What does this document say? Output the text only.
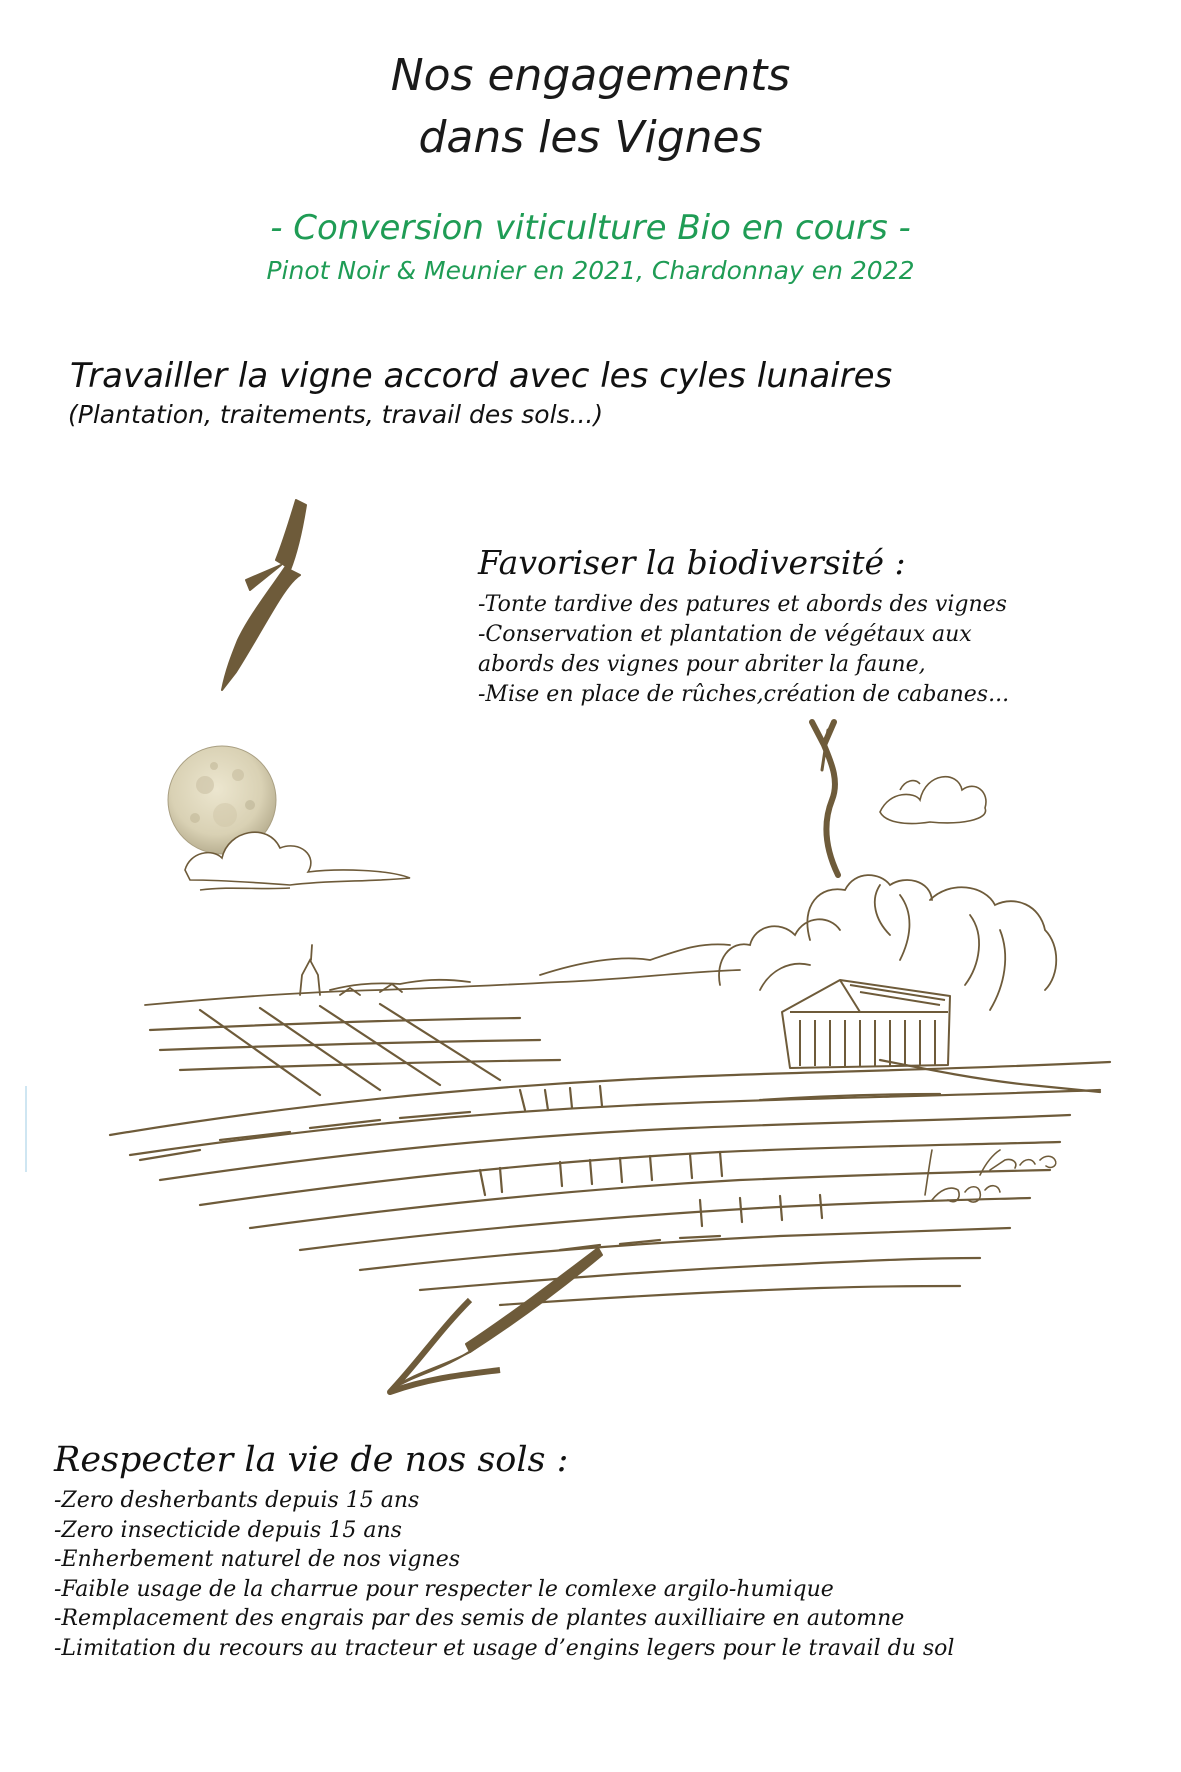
Nos engagements
dans les Vignes
- Conversion viticulture Bio en cours -
Pinot Noir & Meunier en 2021, Chardonnay en 2022
Travailler la vigne accord avec les cyles lunaires
(Plantation, traitements, travail des sols...)
Favoriser la biodiversité :
-Tonte tardive des patures et abords des vignes
-Conservation et plantation de végétaux aux
abords des vignes pour abriter la faune,
-Mise en place de rûches,création de cabanes...
Respecter la vie de nos sols :
-Zero desherbants depuis 15 ans
-Zero insecticide depuis 15 ans
-Enherbement naturel de nos vignes
-Faible usage de la charrue pour respecter le comlexe argilo-humique
-Remplacement des engrais par des semis de plantes auxilliaire en automne
-Limitation du recours au tracteur et usage d’engins legers pour le travail du sol
